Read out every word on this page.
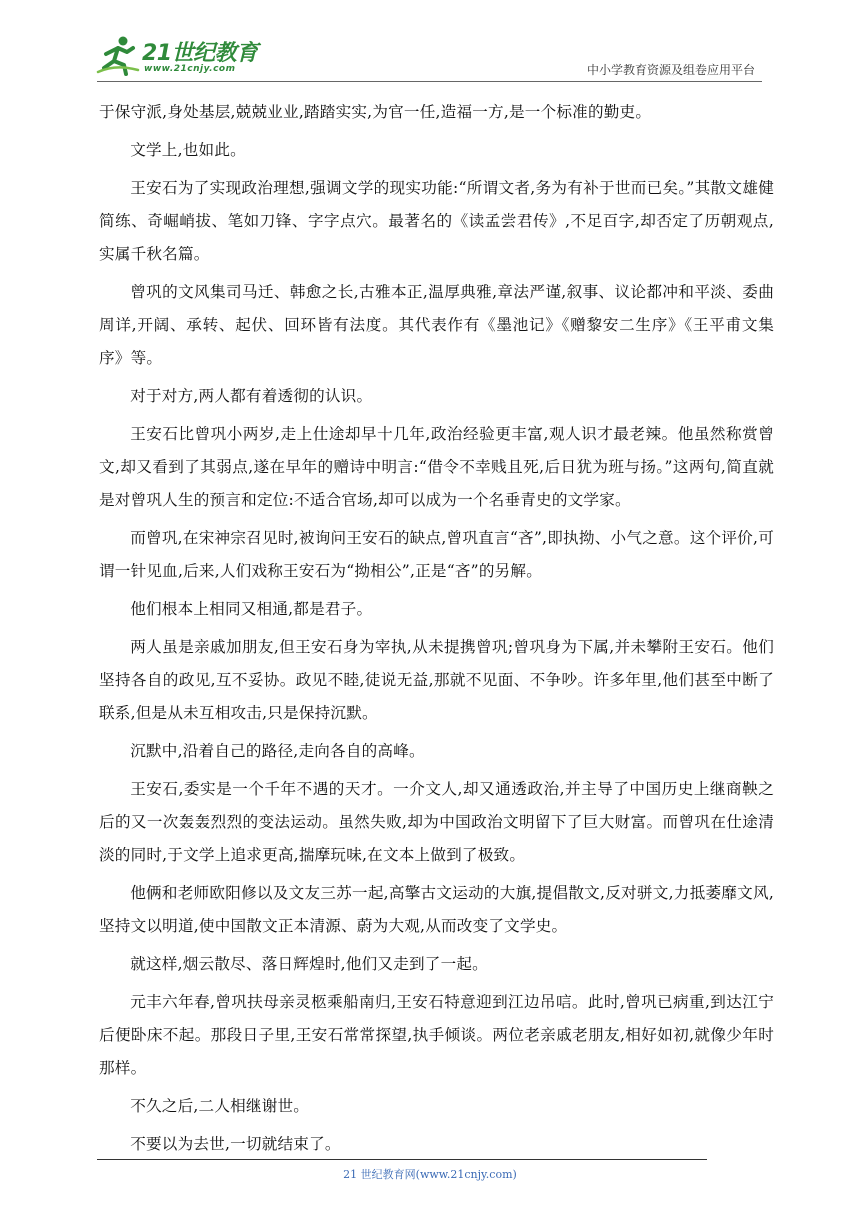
21世纪教育
www.21cnjy.com	中小学教育资源及组卷应用平台

于保守派,身处基层,兢兢业业,踏踏实实,为官一任,造福一方,是一个标准的勤吏。

文学上,也如此。

王安石为了实现政治理想,强调文学的现实功能:“所谓文者,务为有补于世而已矣。”其散文雄健简练、奇崛峭拔、笔如刀锋、字字点穴。最著名的《读孟尝君传》,不足百字,却否定了历朝观点,实属千秋名篇。

曾巩的文风集司马迁、韩愈之长,古雅本正,温厚典雅,章法严谨,叙事、议论都冲和平淡、委曲周详,开阔、承转、起伏、回环皆有法度。其代表作有《墨池记》《赠黎安二生序》《王平甫文集序》等。

对于对方,两人都有着透彻的认识。

王安石比曾巩小两岁,走上仕途却早十几年,政治经验更丰富,观人识才最老辣。他虽然称赏曾文,却又看到了其弱点,遂在早年的赠诗中明言:“借令不幸贱且死,后日犹为班与扬。”这两句,简直就是对曾巩人生的预言和定位:不适合官场,却可以成为一个名垂青史的文学家。

而曾巩,在宋神宗召见时,被询问王安石的缺点,曾巩直言“吝”,即执拗、小气之意。这个评价,可谓一针见血,后来,人们戏称王安石为“拗相公”,正是“吝”的另解。

他们根本上相同又相通,都是君子。

两人虽是亲戚加朋友,但王安石身为宰执,从未提携曾巩;曾巩身为下属,并未攀附王安石。他们坚持各自的政见,互不妥协。政见不睦,徒说无益,那就不见面、不争吵。许多年里,他们甚至中断了联系,但是从未互相攻击,只是保持沉默。

沉默中,沿着自己的路径,走向各自的高峰。

王安石,委实是一个千年不遇的天才。一介文人,却又通透政治,并主导了中国历史上继商鞅之后的又一次轰轰烈烈的变法运动。虽然失败,却为中国政治文明留下了巨大财富。而曾巩在仕途清淡的同时,于文学上追求更高,揣摩玩味,在文本上做到了极致。

他俩和老师欧阳修以及文友三苏一起,高擎古文运动的大旗,提倡散文,反对骈文,力抵萎靡文风,坚持文以明道,使中国散文正本清源、蔚为大观,从而改变了文学史。

就这样,烟云散尽、落日辉煌时,他们又走到了一起。

元丰六年春,曾巩扶母亲灵柩乘船南归,王安石特意迎到江边吊唁。此时,曾巩已病重,到达江宁后便卧床不起。那段日子里,王安石常常探望,执手倾谈。两位老亲戚老朋友,相好如初,就像少年时那样。

不久之后,二人相继谢世。

不要以为去世,一切就结束了。

21 世纪教育网(www.21cnjy.com)
